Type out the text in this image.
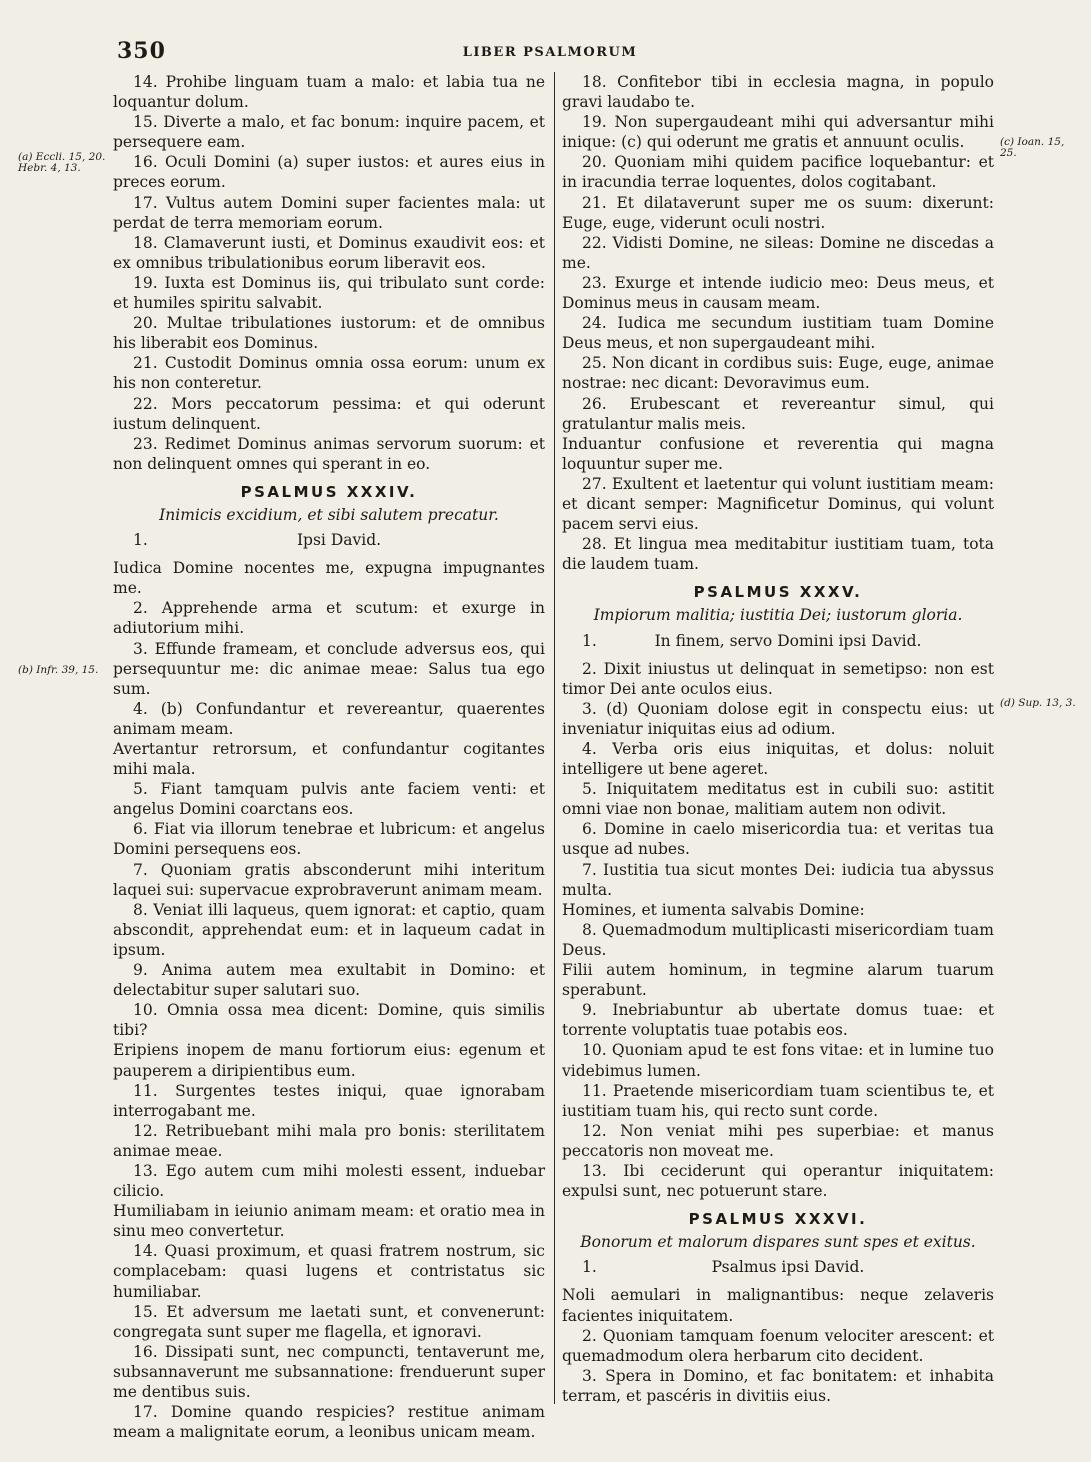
350	LIBER PSALMORUM
(a) Eccli. 15, 20. Hebr. 4, 13.
(b) Infr. 39, 15.
(c) Ioan. 15, 25.
(d) Sup. 13, 3.

14. Prohibe linguam tuam a malo: et labia tua ne loquantur dolum.

15. Diverte a malo, et fac bonum: inquire pacem, et persequere eam.

16. Oculi Domini (a) super iustos: et aures eius in preces eorum.

17. Vultus autem Domini super facientes mala: ut perdat de terra memoriam eorum.

18. Clamaverunt iusti, et Dominus exaudivit eos: et ex omnibus tribulationibus eorum liberavit eos.

19. Iuxta est Dominus iis, qui tribulato sunt corde: et humiles spiritu salvabit.

20. Multae tribulationes iustorum: et de omnibus his liberabit eos Dominus.

21. Custodit Dominus omnia ossa eorum: unum ex his non conteretur.

22. Mors peccatorum pessima: et qui oderunt iustum delinquent.

23. Redimet Dominus animas servorum suorum: et non delinquent omnes qui sperant in eo.

PSALMUS XXXIV.
Inimicis excidium, et sibi salutem precatur.
1.	Ipsi David.

Iudica Domine nocentes me, expugna impugnantes me.

2. Apprehende arma et scutum: et exurge in adiutorium mihi.

3. Effunde frameam, et conclude adversus eos, qui persequuntur me: dic animae meae: Salus tua ego sum.

4. (b) Confundantur et revereantur, quaerentes animam meam.

Avertantur retrorsum, et confundantur cogitantes mihi mala.

5. Fiant tamquam pulvis ante faciem venti: et angelus Domini coarctans eos.

6. Fiat via illorum tenebrae et lubricum: et angelus Domini persequens eos.

7. Quoniam gratis absconderunt mihi interitum laquei sui: supervacue exprobraverunt animam meam.

8. Veniat illi laqueus, quem ignorat: et captio, quam abscondit, apprehendat eum: et in laqueum cadat in ipsum.

9. Anima autem mea exultabit in Domino: et delectabitur super salutari suo.

10. Omnia ossa mea dicent: Domine, quis similis tibi?

Eripiens inopem de manu fortiorum eius: egenum et pauperem a diripientibus eum.

11. Surgentes testes iniqui, quae ignorabam interrogabant me.

12. Retribuebant mihi mala pro bonis: sterilitatem animae meae.

13. Ego autem cum mihi molesti essent, induebar cilicio.

Humiliabam in ieiunio animam meam: et oratio mea in sinu meo convertetur.

14. Quasi proximum, et quasi fratrem nostrum, sic complacebam: quasi lugens et contristatus sic humiliabar.

15. Et adversum me laetati sunt, et convenerunt: congregata sunt super me flagella, et ignoravi.

16. Dissipati sunt, nec compuncti, tentaverunt me, subsannaverunt me subsannatione: frenduerunt super me dentibus suis.

17. Domine quando respicies? restitue animam meam a malignitate eorum, a leonibus unicam meam.

18. Confitebor tibi in ecclesia magna, in populo gravi laudabo te.

19. Non supergaudeant mihi qui adversantur mihi inique: (c) qui oderunt me gratis et annuunt oculis.

20. Quoniam mihi quidem pacifice loquebantur: et in iracundia terrae loquentes, dolos cogitabant.

21. Et dilataverunt super me os suum: dixerunt: Euge, euge, viderunt oculi nostri.

22. Vidisti Domine, ne sileas: Domine ne discedas a me.

23. Exurge et intende iudicio meo: Deus meus, et Dominus meus in causam meam.

24. Iudica me secundum iustitiam tuam Domine Deus meus, et non supergaudeant mihi.

25. Non dicant in cordibus suis: Euge, euge, animae nostrae: nec dicant: Devoravimus eum.

26. Erubescant et revereantur simul, qui gratulantur malis meis.

Induantur confusione et reverentia qui magna loquuntur super me.

27. Exultent et laetentur qui volunt iustitiam meam: et dicant semper: Magnificetur Dominus, qui volunt pacem servi eius.

28. Et lingua mea meditabitur iustitiam tuam, tota die laudem tuam.

PSALMUS XXXV.
Impiorum malitia; iustitia Dei; iustorum gloria.
1.	In finem, servo Domini ipsi David.

2. Dixit iniustus ut delinquat in semetipso: non est timor Dei ante oculos eius.

3. (d) Quoniam dolose egit in conspectu eius: ut inveniatur iniquitas eius ad odium.

4. Verba oris eius iniquitas, et dolus: noluit intelligere ut bene ageret.

5. Iniquitatem meditatus est in cubili suo: astitit omni viae non bonae, malitiam autem non odivit.

6. Domine in caelo misericordia tua: et veritas tua usque ad nubes.

7. Iustitia tua sicut montes Dei: iudicia tua abyssus multa.

Homines, et iumenta salvabis Domine:

8. Quemadmodum multiplicasti misericordiam tuam Deus.

Filii autem hominum, in tegmine alarum tuarum sperabunt.

9. Inebriabuntur ab ubertate domus tuae: et torrente voluptatis tuae potabis eos.

10. Quoniam apud te est fons vitae: et in lumine tuo videbimus lumen.

11. Praetende misericordiam tuam scientibus te, et iustitiam tuam his, qui recto sunt corde.

12. Non veniat mihi pes superbiae: et manus peccatoris non moveat me.

13. Ibi ceciderunt qui operantur iniquitatem: expulsi sunt, nec potuerunt stare.

PSALMUS XXXVI.
Bonorum et malorum dispares sunt spes et exitus.
1.	Psalmus ipsi David.

Noli aemulari in malignantibus: neque zelaveris facientes iniquitatem.

2. Quoniam tamquam foenum velociter arescent: et quemadmodum olera herbarum cito decident.

3. Spera in Domino, et fac bonitatem: et inhabita terram, et pascéris in divitiis eius.
